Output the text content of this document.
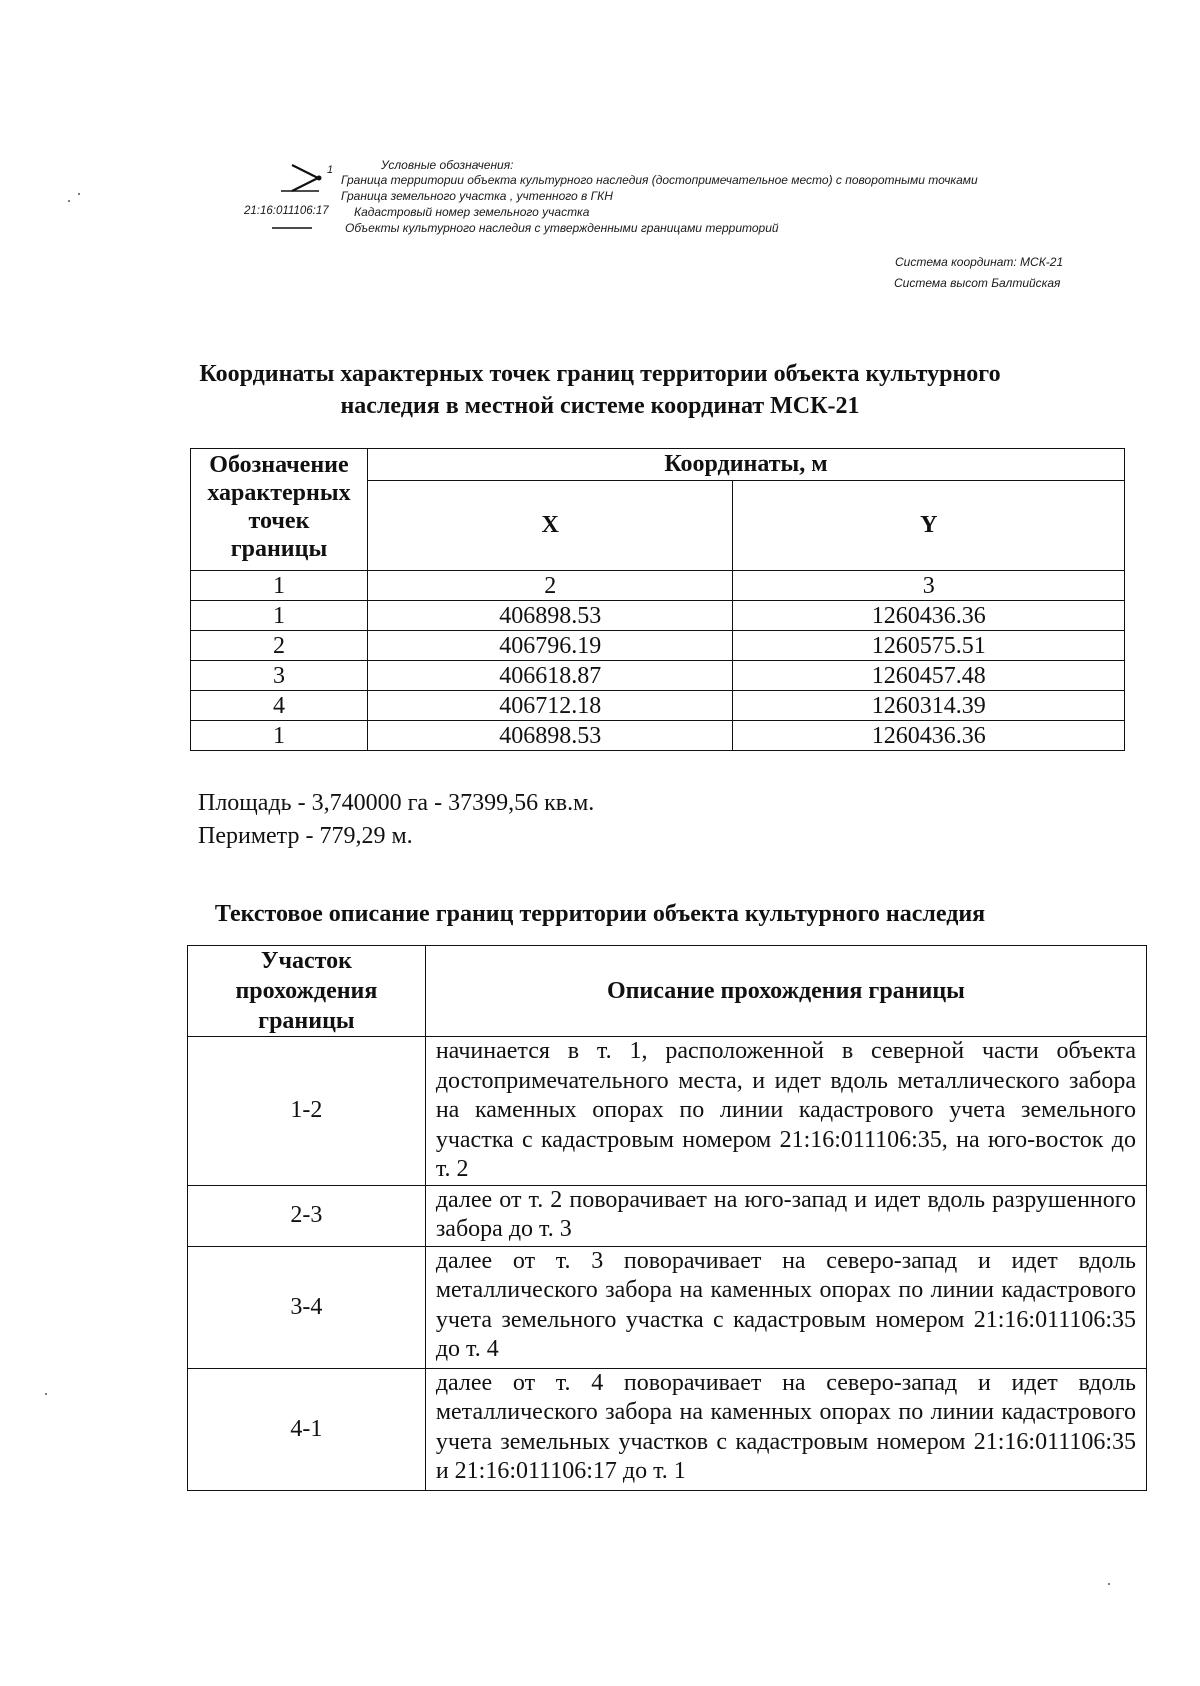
Условные обозначения:
1
Граница территории объекта культурного наследия (достопримечательное место) с поворотными точками
Граница земельного участка , учтенного в ГКН
21:16:011106:17 Кадастровый номер земельного участка
Объекты культурного наследия с утвержденными границами территорий
Система координат: МСК-21
Система высот Балтийская
Координаты характерных точек границ территории объекта культурного
наследия в местной системе координат МСК-21
Обозначение
характерных
точек
границы	Координаты, м	
	X	Y
1	2	3
1	406898.53	1260436.36
2	406796.19	1260575.51
3	406618.87	1260457.48
4	406712.18	1260314.39
1	406898.53	1260436.36
Площадь - 3,740000 га - 37399,56 кв.м.
Периметр - 779,29 м.
Текстовое описание границ территории объекта культурного наследия
Участок
прохождения
границы	Описание прохождения границы
1-2	начинается в т. 1, расположенной в северной части объекта достопримечательного места, и идет вдоль металлического забора на каменных опорах по линии кадастрового учета земельного участка с кадастровым номером 21:16:011106:35, на юго-восток до т. 2
2-3	далее от т. 2 поворачивает на юго-запад и идет вдоль разрушенного забора до т. 3
3-4	далее от т. 3 поворачивает на северо-запад и идет вдоль металлического забора на каменных опорах по линии кадастрового учета земельного участка с кадастровым номером 21:16:011106:35 до т. 4
4-1	далее от т. 4 поворачивает на северо-запад и идет вдоль металлического забора на каменных опорах по линии кадастрового учета земельных участков с кадастровым номером 21:16:011106:35 и 21:16:011106:17 до т. 1
